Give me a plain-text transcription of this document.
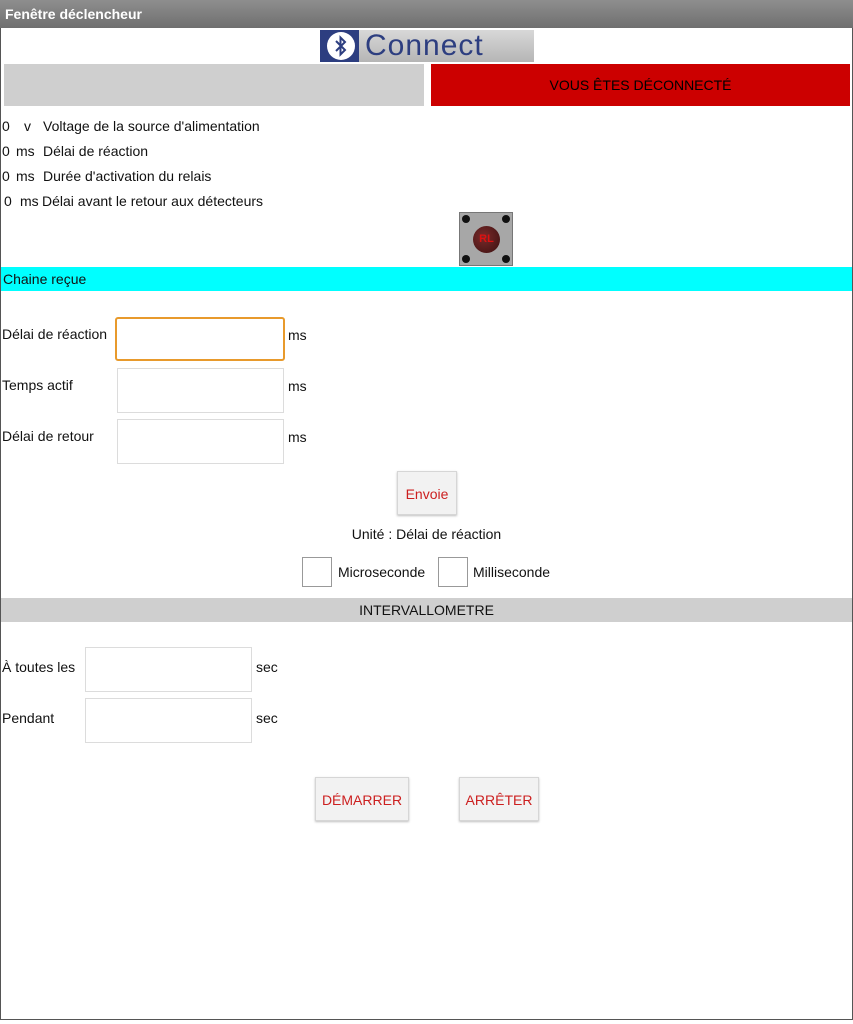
Fenêtre déclencheur
Connect
VOUS ÊTES DÉCONNECTÉ
0 v Voltage de la source d'alimentation
0 ms Délai de réaction
0 ms Durée d'activation du relais
0 ms Délai avant le retour aux détecteurs
RL
Chaine reçue
Délai de réaction	ms
Temps actif	ms
Délai de retour	ms
Envoie
Unité : Délai de réaction
Microseconde	Milliseconde
INTERVALLOMETRE
À toutes les	sec
Pendant	sec
DÉMARRER	ARRÊTER
